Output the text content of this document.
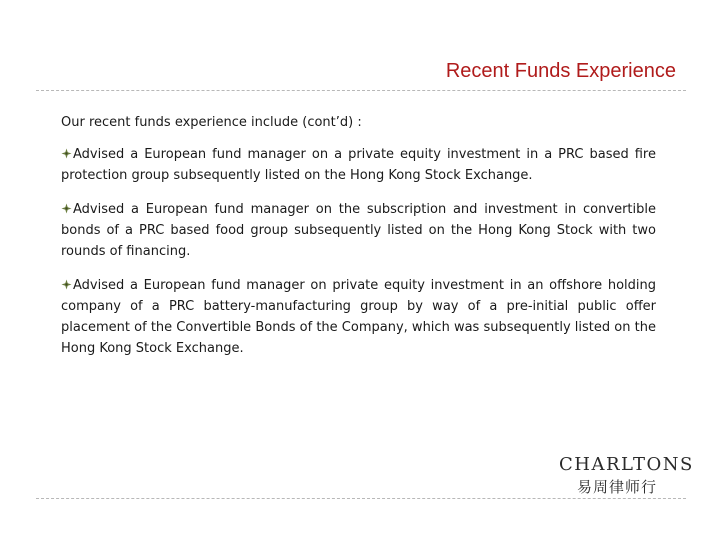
Recent Funds Experience

Our recent funds experience include (cont’d) :

Advised a European fund manager on a private equity investment in a PRC based fire protection group subsequently listed on the Hong Kong Stock Exchange.

Advised a European fund manager on the subscription and investment in convertible bonds of a PRC based food group subsequently listed on the Hong Kong Stock with two rounds of financing.

Advised a European fund manager on private equity investment in an offshore holding company of a PRC battery-manufacturing group by way of a pre-initial public offer placement of the Convertible Bonds of the Company, which was subsequently listed on the Hong Kong Stock Exchange.

CHARLTONS
易周律师行
